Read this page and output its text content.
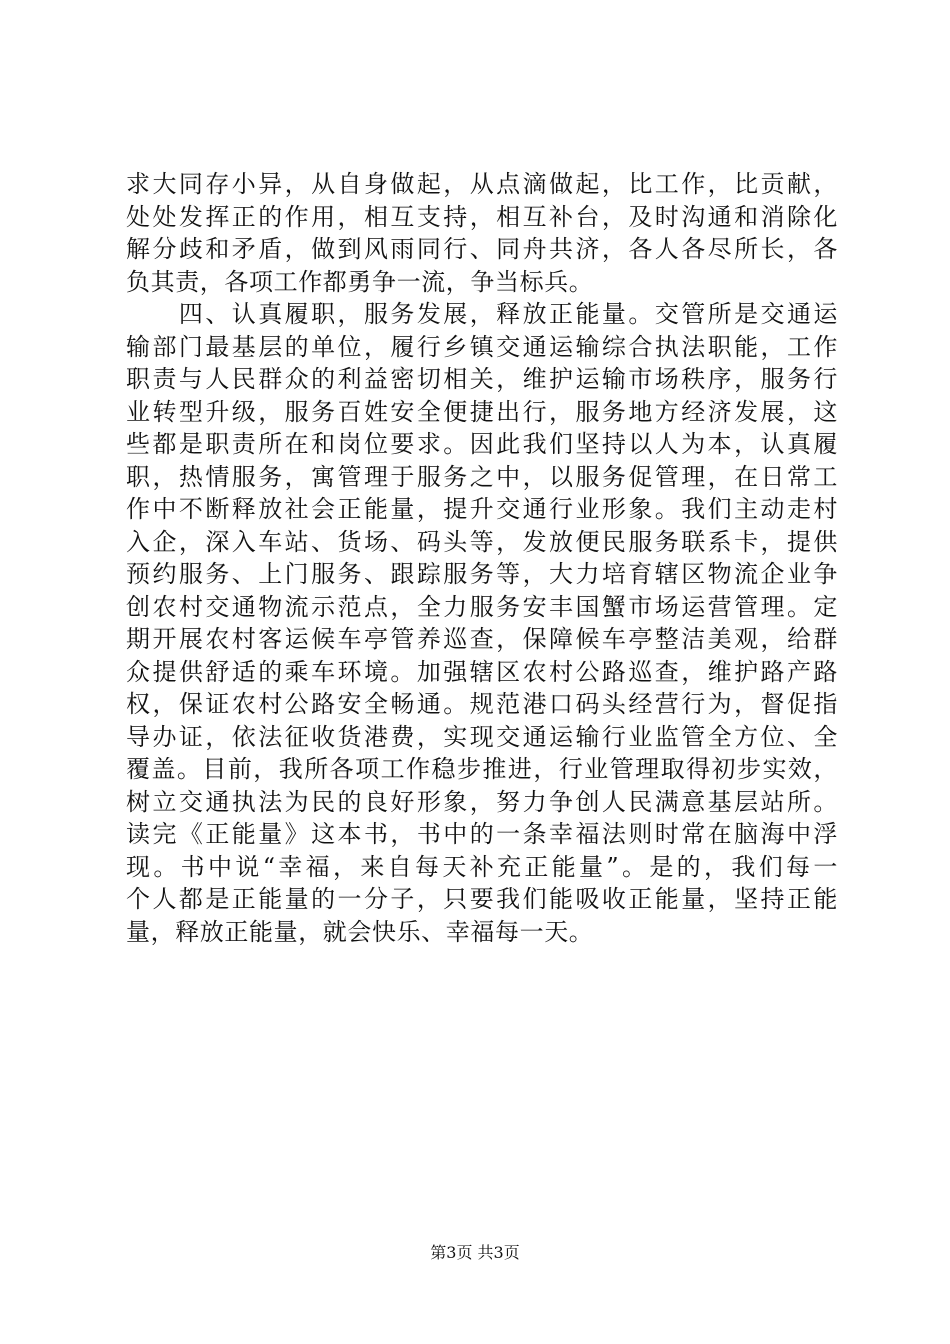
求大同存小异，从自身做起，从点滴做起，比工作，比贡献，
处处发挥正的作用，相互支持，相互补台，及时沟通和消除化
解分歧和矛盾，做到风雨同行、同舟共济，各人各尽所长，各
负其责，各项工作都勇争一流，争当标兵。
　　四、认真履职，服务发展，释放正能量。交管所是交通运
输部门最基层的单位，履行乡镇交通运输综合执法职能，工作
职责与人民群众的利益密切相关，维护运输市场秩序，服务行
业转型升级，服务百姓安全便捷出行，服务地方经济发展，这
些都是职责所在和岗位要求。因此我们坚持以人为本，认真履
职，热情服务，寓管理于服务之中，以服务促管理，在日常工
作中不断释放社会正能量，提升交通行业形象。我们主动走村
入企，深入车站、货场、码头等，发放便民服务联系卡，提供
预约服务、上门服务、跟踪服务等，大力培育辖区物流企业争
创农村交通物流示范点，全力服务安丰国蟹市场运营管理。定
期开展农村客运候车亭管养巡查，保障候车亭整洁美观，给群
众提供舒适的乘车环境。加强辖区农村公路巡查，维护路产路
权，保证农村公路安全畅通。规范港口码头经营行为，督促指
导办证，依法征收货港费，实现交通运输行业监管全方位、全
覆盖。目前，我所各项工作稳步推进，行业管理取得初步实效，
树立交通执法为民的良好形象，努力争创人民满意基层站所。
读完《正能量》这本书，书中的一条幸福法则时常在脑海中浮
现。书中说“幸福，来自每天补充正能量”。是的，我们每一
个人都是正能量的一分子，只要我们能吸收正能量，坚持正能
量，释放正能量，就会快乐、幸福每一天。
第3页 共3页
